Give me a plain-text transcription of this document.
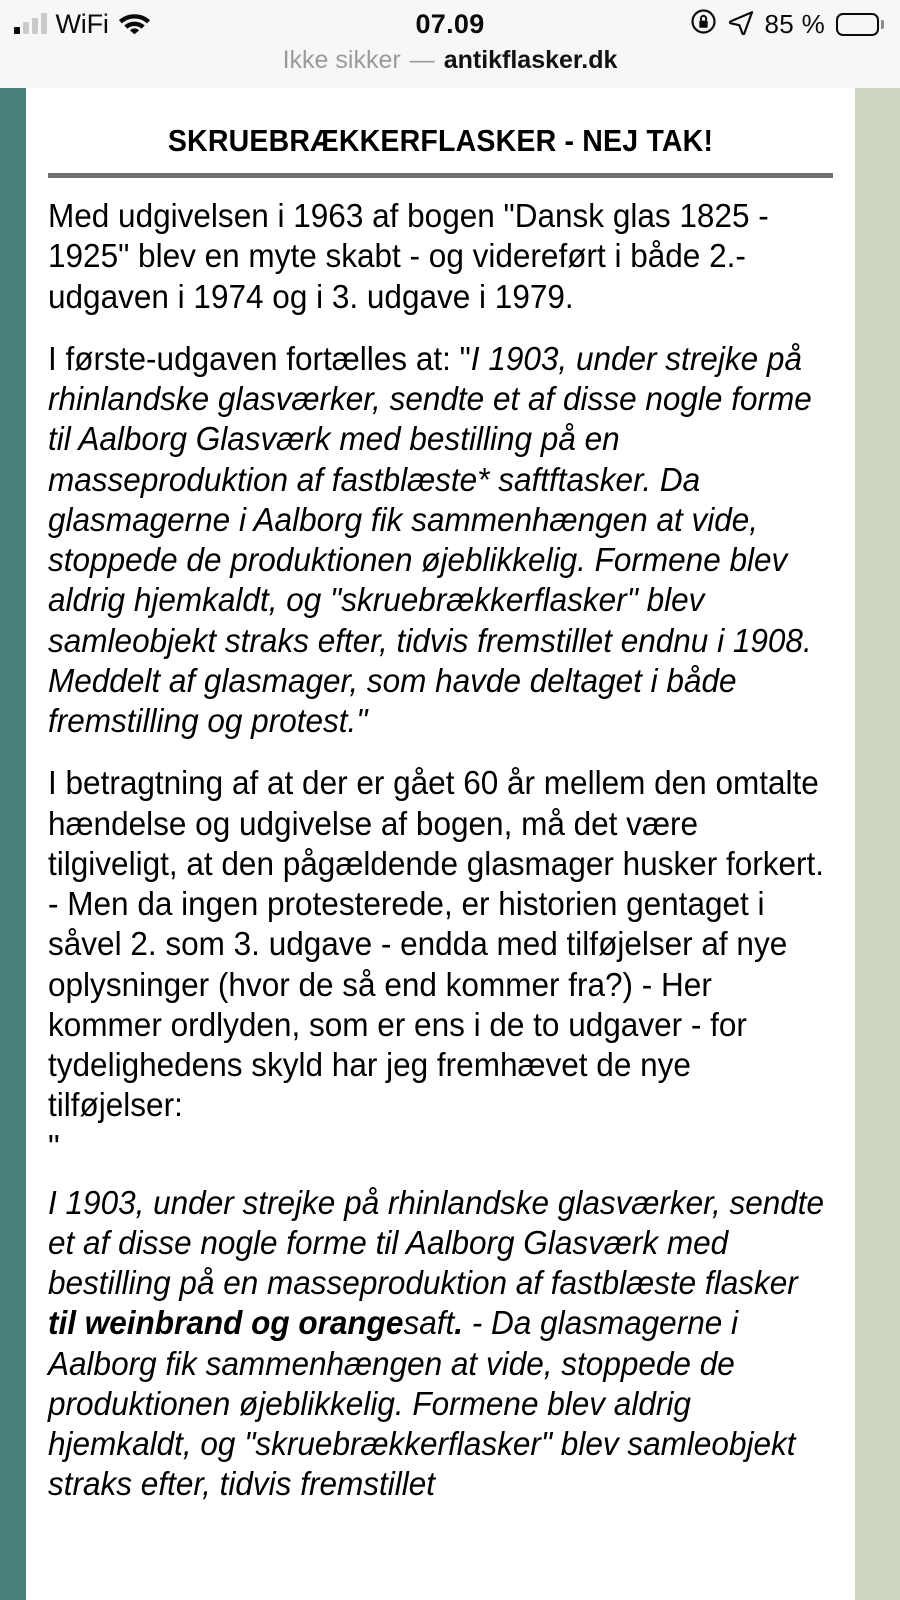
WiFi	07.09	85 %
Ikke sikker — antikflasker.dk
SKRUEBRÆKKERFLASKER - NEJ TAK!

Med udgivelsen i 1963 af bogen "Dansk glas 1825 - 1925" blev en myte skabt - og videreført i både 2.-udgaven i 1974 og i 3. udgave i 1979.

I første-udgaven fortælles at: "I 1903, under strejke på rhinlandske glasværker, sendte et af disse nogle forme til Aalborg Glasværk med bestilling på en masseproduktion af fastblæste* saftftasker. Da glasmagerne i Aalborg fik sammenhængen at vide, stoppede de produktionen øjeblikkelig. Formene blev aldrig hjemkaldt, og "skruebrækkerflasker" blev samleobjekt straks efter, tidvis fremstillet endnu i 1908. Meddelt af glasmager, som havde deltaget i både fremstilling og protest."

I betragtning af at der er gået 60 år mellem den omtalte hændelse og udgivelse af bogen, må det være tilgiveligt, at den pågældende glasmager husker forkert. - Men da ingen protesterede, er historien gentaget i såvel 2. som 3. udgave - endda med tilføjelser af nye oplysninger (hvor de så end kommer fra?) - Her kommer ordlyden, som er ens i de to udgaver - for tydelighedens skyld har jeg fremhævet de nye tilføjelser:

"

I 1903, under strejke på rhinlandske glasværker, sendte et af disse nogle forme til Aalborg Glasværk med bestilling på en masseproduktion af fastblæste flasker til weinbrand og orangesaft. - Da glasmagerne i Aalborg fik sammenhængen at vide, stoppede de produktionen øjeblikkelig. Formene blev aldrig hjemkaldt, og "skruebrækkerflasker" blev samleobjekt straks efter, tidvis fremstillet
